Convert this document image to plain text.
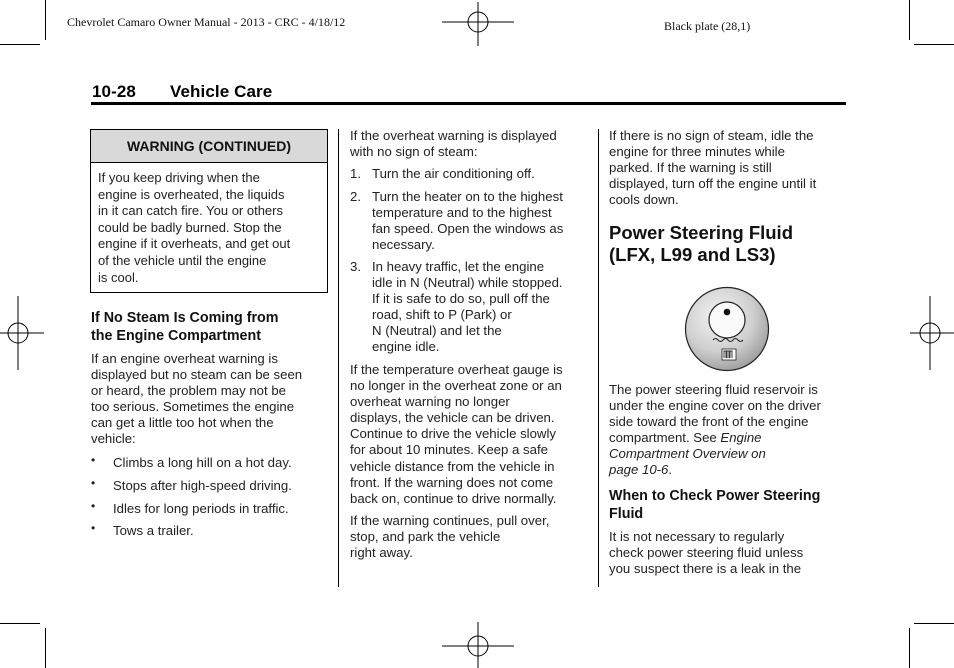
Chevrolet Camaro Owner Manual - 2013 - CRC - 4/18/12	Black plate (28,1)
10-28 Vehicle Care
WARNING (CONTINUED)
If you keep driving when the
engine is overheated, the liquids
in it can catch fire. You or others
could be badly burned. Stop the
engine if it overheats, and get out
of the vehicle until the engine
is cool.
If No Steam Is Coming from
the Engine Compartment
If an engine overheat warning is
displayed but no steam can be seen
or heard, the problem may not be
too serious. Sometimes the engine
can get a little too hot when the
vehicle:
• Climbs a long hill on a hot day.
• Stops after high-speed driving.
• Idles for long periods in traffic.
• Tows a trailer.
If the overheat warning is displayed
with no sign of steam:
1. Turn the air conditioning off.
2. Turn the heater on to the highest
temperature and to the highest
fan speed. Open the windows as
necessary.
3. In heavy traffic, let the engine
idle in N (Neutral) while stopped.
If it is safe to do so, pull off the
road, shift to P (Park) or
N (Neutral) and let the
engine idle.
If the temperature overheat gauge is
no longer in the overheat zone or an
overheat warning no longer
displays, the vehicle can be driven.
Continue to drive the vehicle slowly
for about 10 minutes. Keep a safe
vehicle distance from the vehicle in
front. If the warning does not come
back on, continue to drive normally.
If the warning continues, pull over,
stop, and park the vehicle
right away.
If there is no sign of steam, idle the
engine for three minutes while
parked. If the warning is still
displayed, turn off the engine until it
cools down.
Power Steering Fluid
(LFX, L99 and LS3)
The power steering fluid reservoir is
under the engine cover on the driver
side toward the front of the engine
compartment. See Engine
Compartment Overview on
page 10-6.
When to Check Power Steering
Fluid
It is not necessary to regularly
check power steering fluid unless
you suspect there is a leak in the
